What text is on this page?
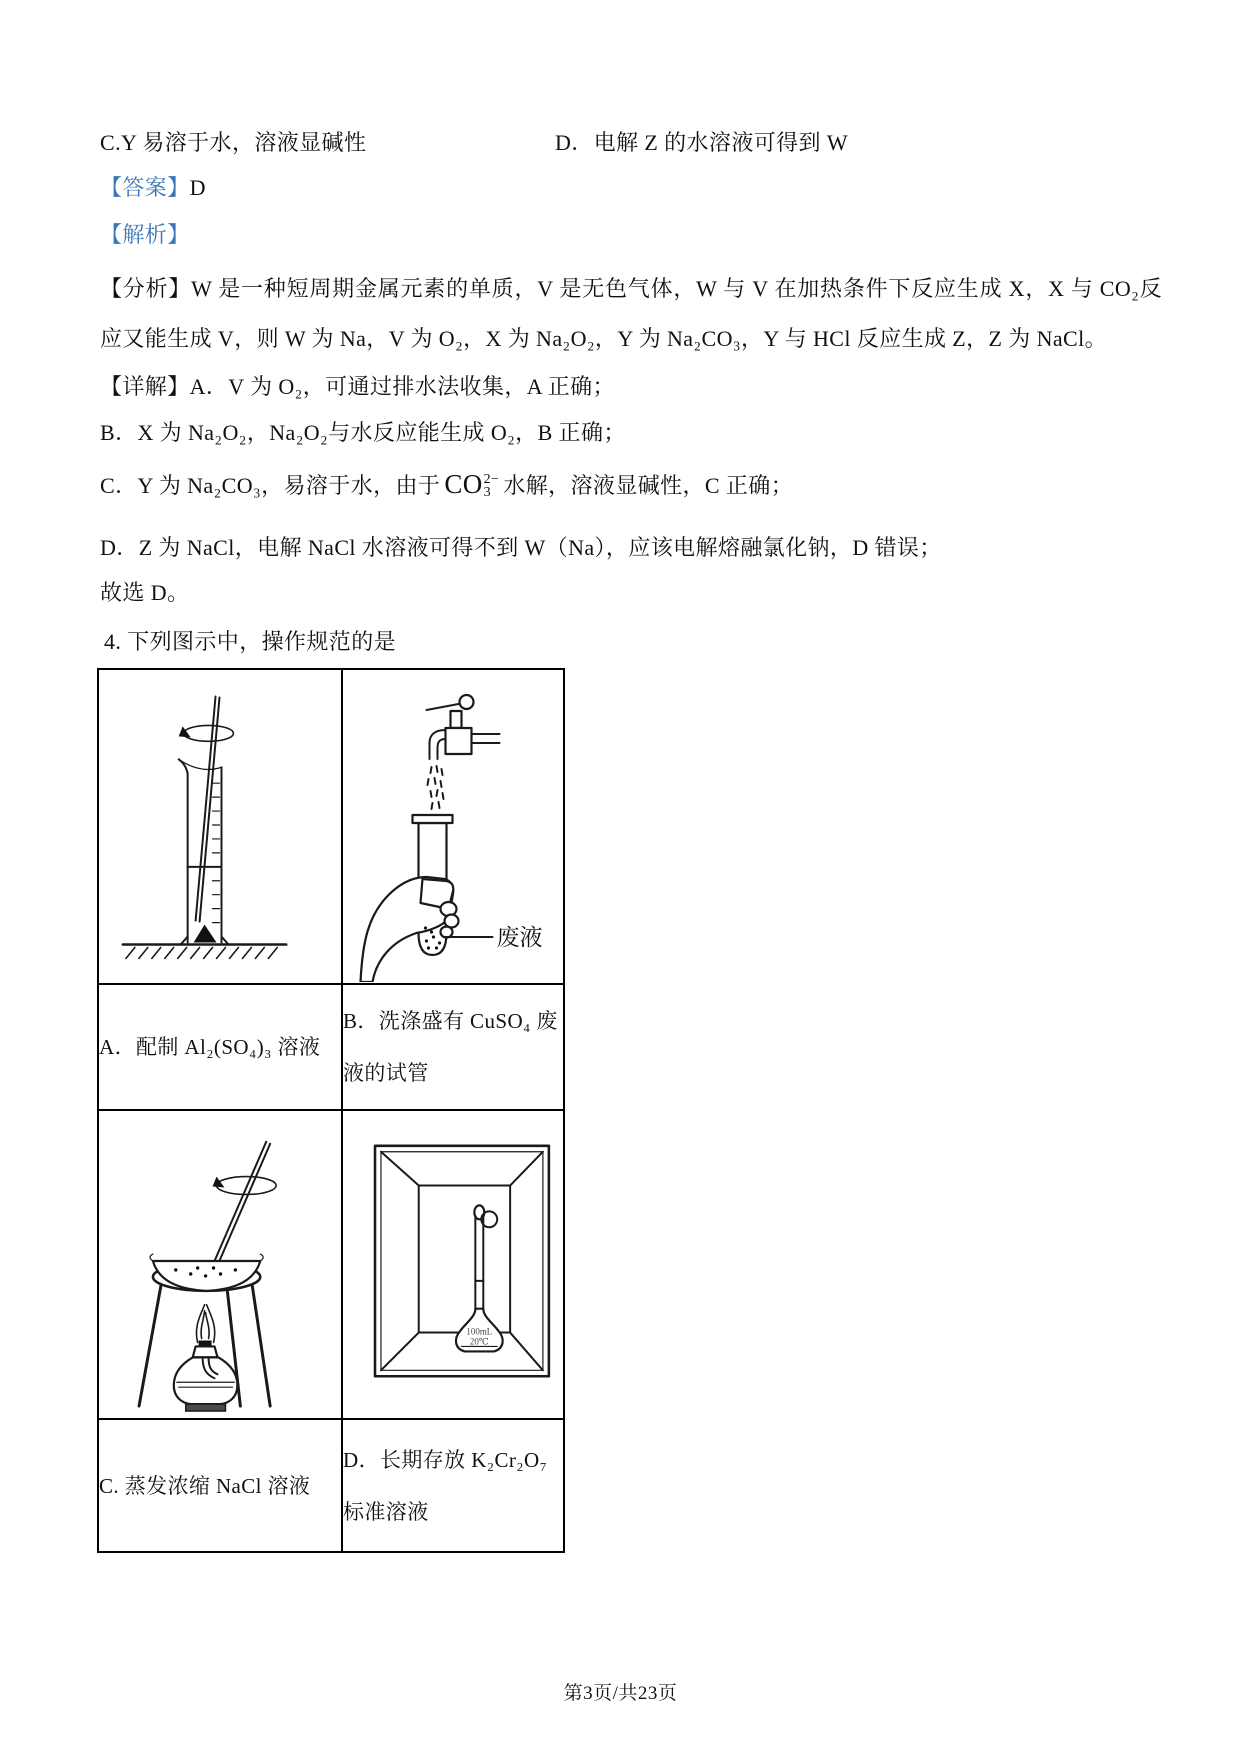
C.Y 易溶于水，溶液显碱性	D．电解 Z 的水溶液可得到 W

【答案】D

【解析】

【分析】W 是一种短周期金属元素的单质，V 是无色气体，W 与 V 在加热条件下反应生成 X，X 与 CO₂反应又能生成 V，则 W 为 Na，V 为 O₂，X 为 Na₂O₂，Y 为 Na₂CO₃，Y 与 HCl 反应生成 Z，Z 为 NaCl。

【详解】A．V 为 O₂，可通过排水法收集，A 正确；

B．X 为 Na₂O₂，Na₂O₂与水反应能生成 O₂，B 正确；

C．Y 为 Na₂CO₃，易溶于水，由于 CO 2−
3 水解，溶液显碱性，C 正确；

D．Z 为 NaCl，电解 NaCl 水溶液可得不到 W（Na），应该电解熔融氯化钠，D 错误；

故选 D。

4. 下列图示中，操作规范的是

废液

A．配制 Al₂(SO₄)₃ 溶液	B．洗涤盛有 CuSO₄ 废液的试管

100mL
20℃

C. 蒸发浓缩 NaCl 溶液	D．长期存放 K₂Cr₂O₇ 标准溶液
第3页/共23页
